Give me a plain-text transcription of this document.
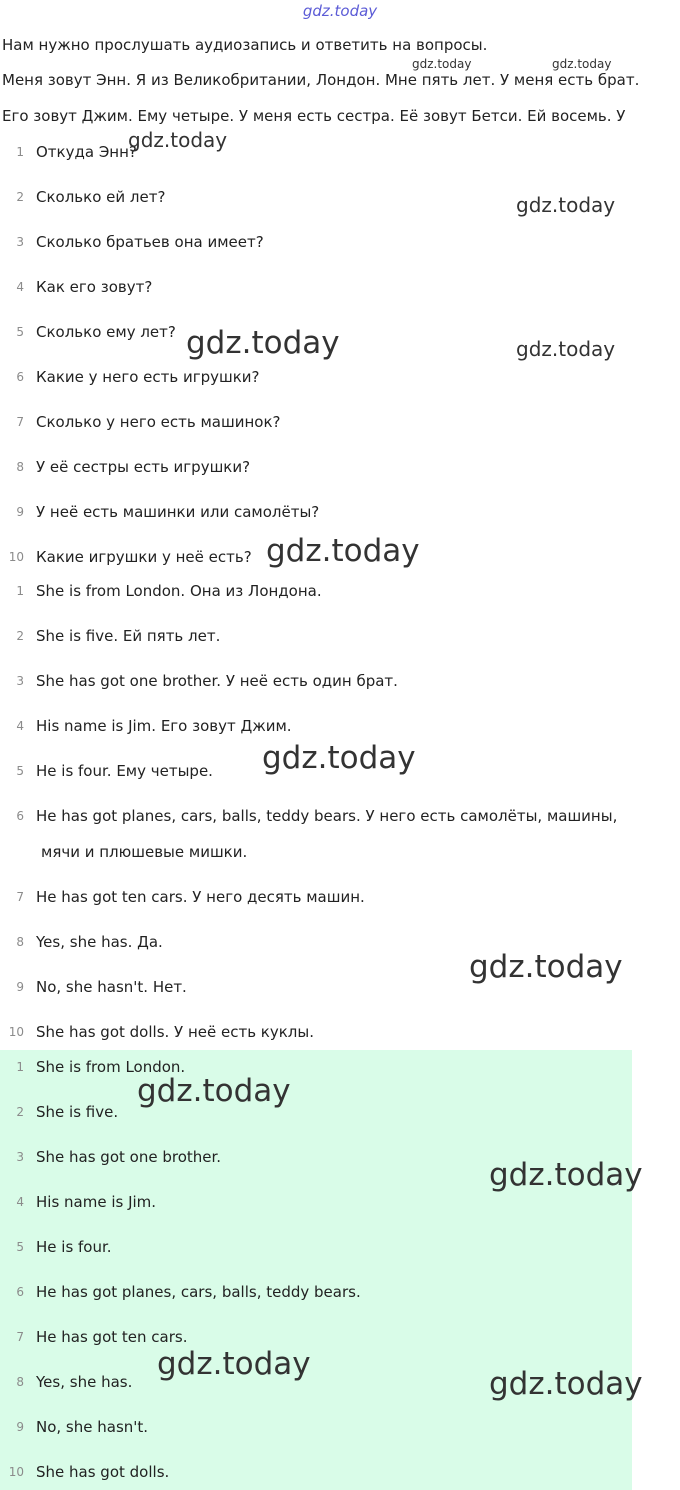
gdz.today
Нам нужно прослушать аудиозапись и ответить на вопросы.
Меня зовут Энн. Я из Великобритании, Лондон. Мне пять лет. У меня есть брат.
Его зовут Джим. Ему четыре. У меня есть сестра. Её зовут Бетси. Ей восемь. У
1 Откуда Энн?
2 Сколько ей лет?
3 Сколько братьев она имеет?
4 Как его зовут?
5 Сколько ему лет?
6 Какие у него есть игрушки?
7 Сколько у него есть машинок?
8 У её сестры есть игрушки?
9 У неё есть машинки или самолёты?
10 Какие игрушки у неё есть?
1 She is from London. Она из Лондона.
2 She is five. Ей пять лет.
3 She has got one brother. У неё есть один брат.
4 His name is Jim. Его зовут Джим.
5 He is four. Ему четыре.
6 He has got planes, cars, balls, teddy bears. У него есть самолёты, машины,
мячи и плюшевые мишки.
7 He has got ten cars. У него десять машин.
8 Yes, she has. Да.
9 No, she hasn't. Нет.
10 She has got dolls. У неё есть куклы.
1 She is from London.
2 She is five.
3 She has got one brother.
4 His name is Jim.
5 He is four.
6 He has got planes, cars, balls, teddy bears.
7 He has got ten cars.
8 Yes, she has.
9 No, she hasn't.
10 She has got dolls.
gdz.today	gdz.today
gdz.today
gdz.today
gdz.today	gdz.today
gdz.today
gdz.today
gdz.today
gdz.today
gdz.today
gdz.today
gdz.today
